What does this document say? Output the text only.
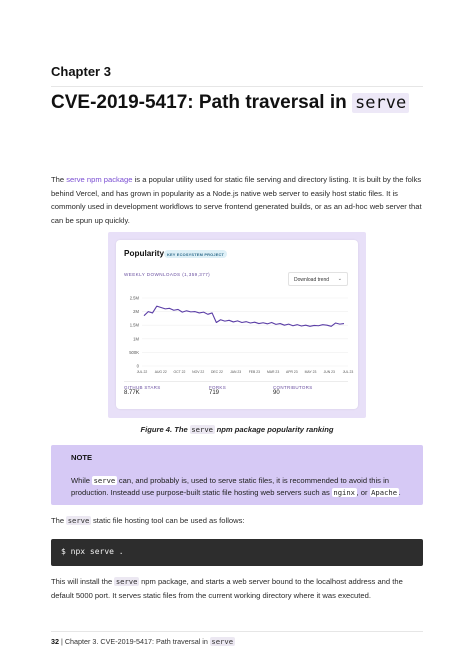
Chapter 3
CVE-2019-5417: Path traversal in serve

The serve npm package is a popular utility used for static file serving and directory listing. It is built by the folks behind Vercel, and has grown in popularity as a Node.js native web server to easily host static files. It is commonly used in development workflows to serve frontend generated builds, or as an ad-hoc web server that can be spun up quickly.

Popularity KEY ECOSYSTEM PROJECT
WEEKLY DOWNLOADS (1,359,377)
Download trend ⌄
2.5M
2M
1.5M
1M
500K
0
JUL 22 AUG 22 OCT 22 NOV 22 DEC 22 JAN 23 FEB 23 MAR 23 APR 23 MAY 23 JUN 23 JUL 23
GITHUB STARS
8.77K
FORKS
719
CONTRIBUTORS
90
Figure 4. The serve npm package popularity ranking
NOTE

While serve can, and probably is, used to serve static files, it is recommended to avoid this in production. Insteadd use purpose-built static file hosting web servers such as nginx , or Apache .

The serve static file hosting tool can be used as follows:

$ npx serve .

This will install the serve npm package, and starts a web server bound to the localhost address and the default 5000 port. It serves static files from the current working directory where it was executed.

32 | Chapter 3. CVE-2019-5417: Path traversal in serve
